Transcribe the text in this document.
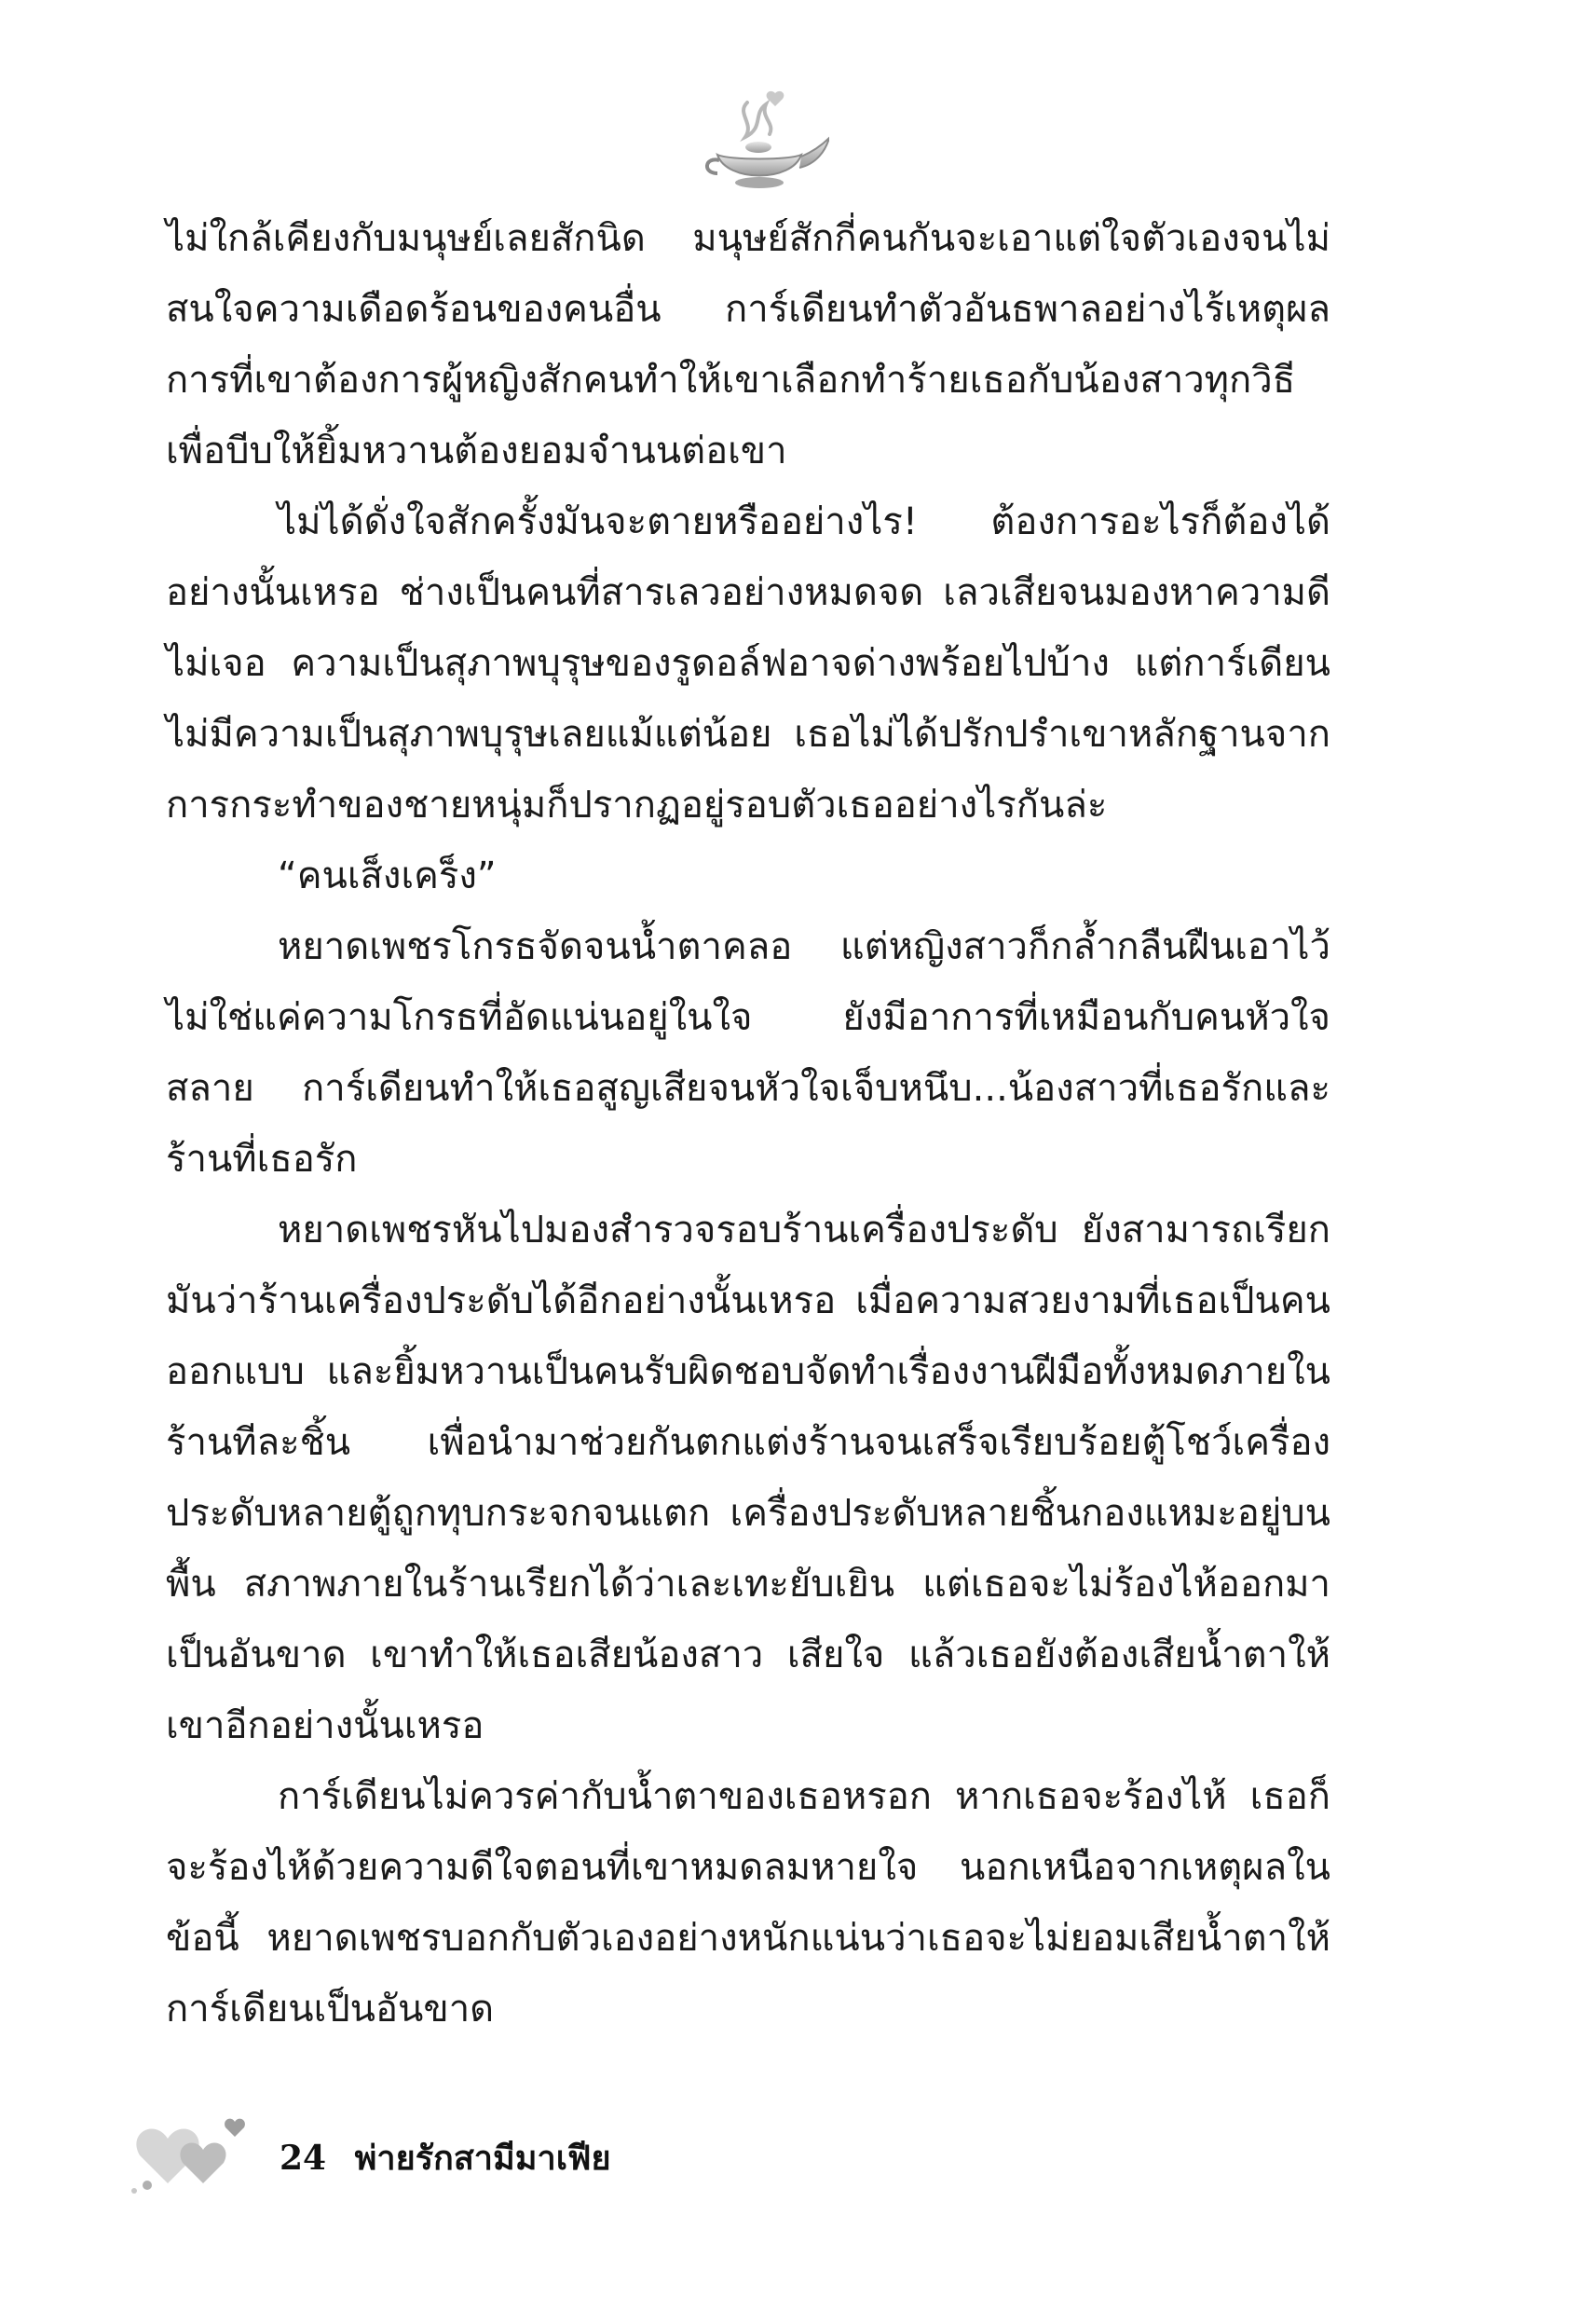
ไม่ใกล้เคียงกับมนุษย์เลยสักนิด มนุษย์สักกี่คนกันจะเอาแต่ใจตัวเองจนไม่สนใจความเดือดร้อนของคนอื่น การ์เดียนทำตัวอันธพาลอย่างไร้เหตุผล การที่เขาต้องการผู้หญิงสักคนทำให้เขาเลือกทำร้ายเธอกับน้องสาวทุกวิธีเพื่อบีบให้ยิ้มหวานต้องยอมจำนนต่อเขา

ไม่ได้ดั่งใจสักครั้งมันจะตายหรืออย่างไร! ต้องการอะไรก็ต้องได้อย่างนั้นเหรอ ช่างเป็นคนที่สารเลวอย่างหมดจด เลวเสียจนมองหาความดีไม่เจอ ความเป็นสุภาพบุรุษของรูดอล์ฟอาจด่างพร้อยไปบ้าง แต่การ์เดียนไม่มีความเป็นสุภาพบุรุษเลยแม้แต่น้อย เธอไม่ได้ปรักปรำเขาหลักฐานจากการกระทำของชายหนุ่มก็ปรากฏอยู่รอบตัวเธออย่างไรกันล่ะ

“คนเส็งเคร็ง”

หยาดเพชรโกรธจัดจนน้ำตาคลอ แต่หญิงสาวก็กล้ำกลืนฝืนเอาไว้ไม่ใช่แค่ความโกรธที่อัดแน่นอยู่ในใจ ยังมีอาการที่เหมือนกับคนหัวใจสลาย การ์เดียนทำให้เธอสูญเสียจนหัวใจเจ็บหนึบ...น้องสาวที่เธอรักและร้านที่เธอรัก

หยาดเพชรหันไปมองสำรวจรอบร้านเครื่องประดับ ยังสามารถเรียกมันว่าร้านเครื่องประดับได้อีกอย่างนั้นเหรอ เมื่อความสวยงามที่เธอเป็นคนออกแบบ และยิ้มหวานเป็นคนรับผิดชอบจัดทำเรื่องงานฝีมือทั้งหมดภายในร้านทีละชิ้น เพื่อนำมาช่วยกันตกแต่งร้านจนเสร็จเรียบร้อยตู้โชว์เครื่องประดับหลายตู้ถูกทุบกระจกจนแตก เครื่องประดับหลายชิ้นกองแหมะอยู่บนพื้น สภาพภายในร้านเรียกได้ว่าเละเทะยับเยิน แต่เธอจะไม่ร้องไห้ออกมาเป็นอันขาด เขาทำให้เธอเสียน้องสาว เสียใจ แล้วเธอยังต้องเสียน้ำตาให้เขาอีกอย่างนั้นเหรอ

การ์เดียนไม่ควรค่ากับน้ำตาของเธอหรอก หากเธอจะร้องไห้ เธอก็จะร้องไห้ด้วยความดีใจตอนที่เขาหมดลมหายใจ นอกเหนือจากเหตุผลในข้อนี้ หยาดเพชรบอกกับตัวเองอย่างหนักแน่นว่าเธอจะไม่ยอมเสียน้ำตาให้การ์เดียนเป็นอันขาด

24 พ่ายรักสามีมาเฟีย
